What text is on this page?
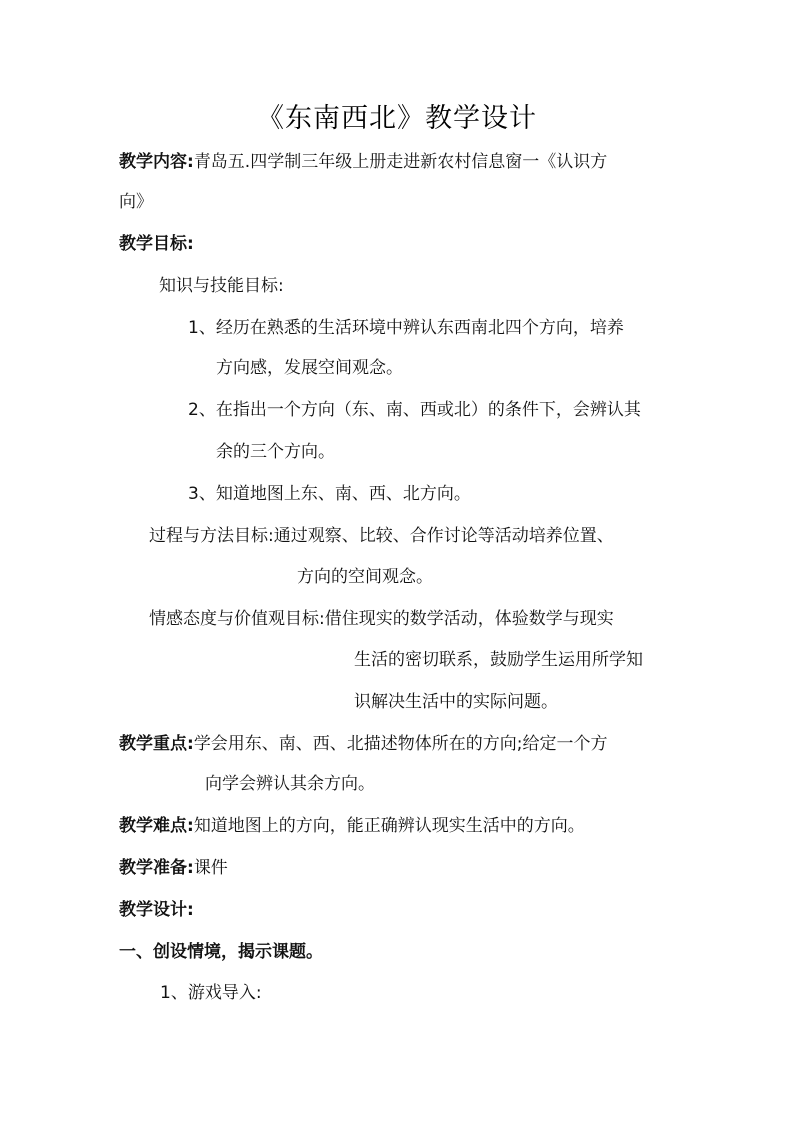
《东南西北》教学设计
教学内容:青岛五.四学制三年级上册走进新农村信息窗一《认识方
向》
教学目标:
知识与技能目标:
1、经历在熟悉的生活环境中辨认东西南北四个方向，培养
方向感，发展空间观念。
2、在指出一个方向（东、南、西或北）的条件下，会辨认其
余的三个方向。
3、知道地图上东、南、西、北方向。
过程与方法目标:通过观察、比较、合作讨论等活动培养位置、
方向的空间观念。
情感态度与价值观目标:借住现实的数学活动，体验数学与现实
生活的密切联系，鼓励学生运用所学知
识解决生活中的实际问题。
教学重点:学会用东、南、西、北描述物体所在的方向;给定一个方
向学会辨认其余方向。
教学难点:知道地图上的方向，能正确辨认现实生活中的方向。
教学准备:课件
教学设计:
一、创设情境，揭示课题。
1、游戏导入:
